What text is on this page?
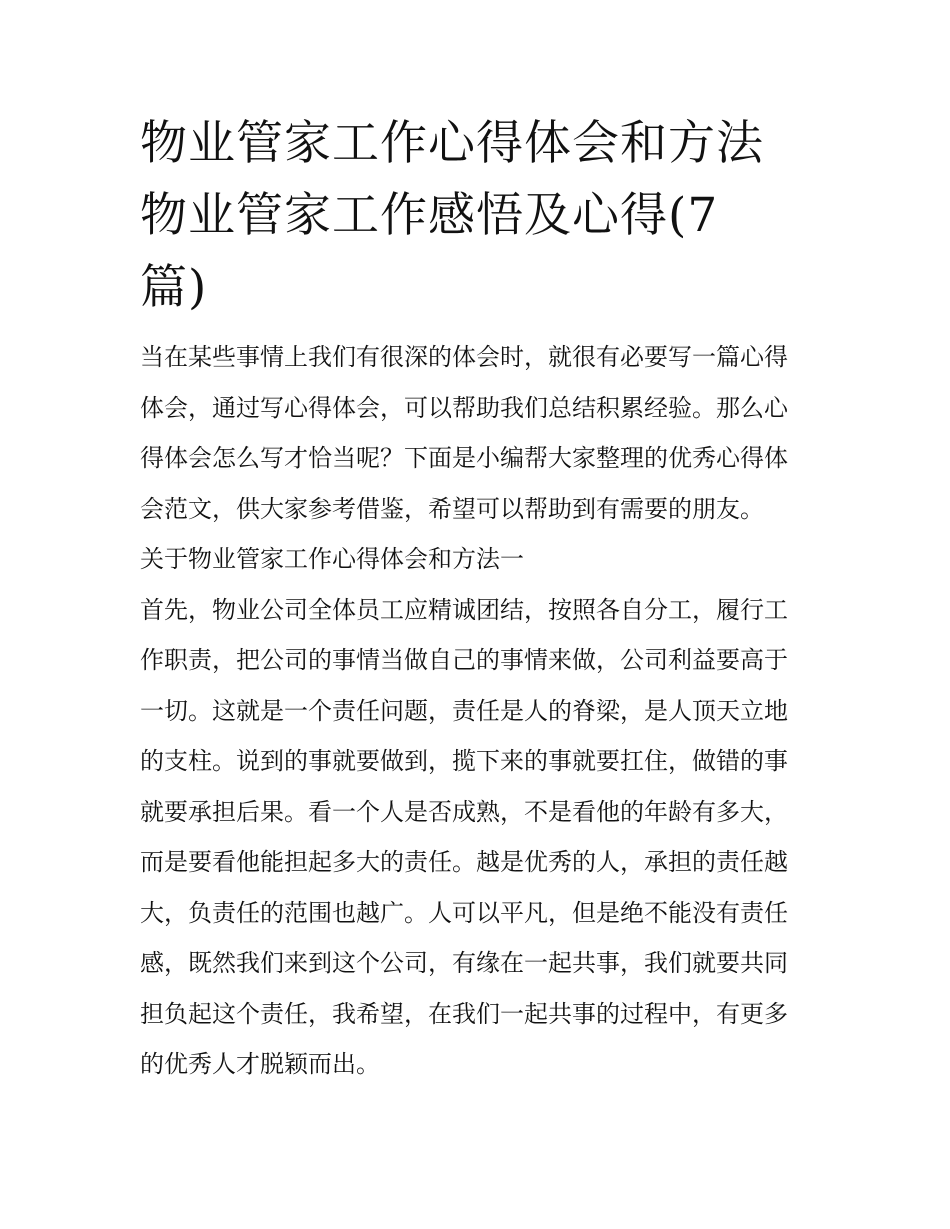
物业管家工作心得体会和方法
物业管家工作感悟及心得(7
篇)

当在某些事情上我们有很深的体会时，就很有必要写一篇心得
体会，通过写心得体会，可以帮助我们总结积累经验。那么心
得体会怎么写才恰当呢？下面是小编帮大家整理的优秀心得体
会范文，供大家参考借鉴，希望可以帮助到有需要的朋友。

关于物业管家工作心得体会和方法一

首先，物业公司全体员工应精诚团结，按照各自分工，履行工
作职责，把公司的事情当做自己的事情来做，公司利益要高于
一切。这就是一个责任问题，责任是人的脊梁，是人顶天立地
的支柱。说到的事就要做到，揽下来的事就要扛住，做错的事
就要承担后果。看一个人是否成熟，不是看他的年龄有多大，
而是要看他能担起多大的责任。越是优秀的人，承担的责任越
大，负责任的范围也越广。人可以平凡，但是绝不能没有责任
感，既然我们来到这个公司，有缘在一起共事，我们就要共同
担负起这个责任，我希望，在我们一起共事的过程中，有更多
的优秀人才脱颖而出。
